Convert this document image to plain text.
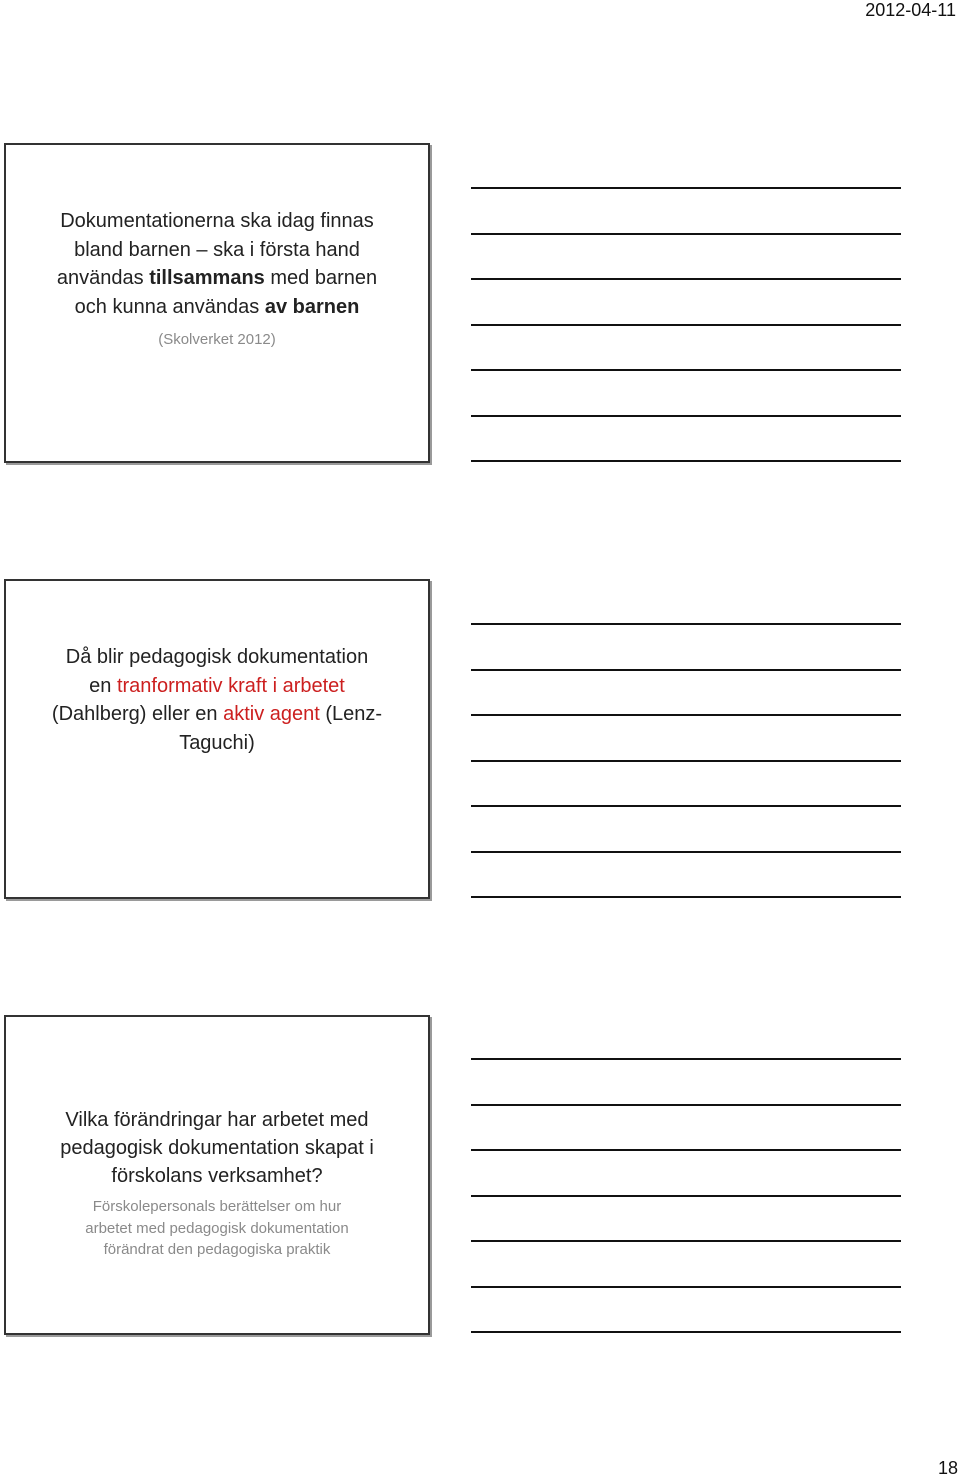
2012-04-11
Dokumentationerna ska idag finnas
bland barnen – ska i första hand
användas tillsammans med barnen
och kunna användas av barnen
(Skolverket 2012)
Då blir pedagogisk dokumentation
en tranformativ kraft i arbetet
(Dahlberg) eller en aktiv agent (Lenz-
Taguchi)
Vilka förändringar har arbetet med
pedagogisk dokumentation skapat i
förskolans verksamhet?
Förskolepersonals berättelser om hur
arbetet med pedagogisk dokumentation
förändrat den pedagogiska praktik
18
